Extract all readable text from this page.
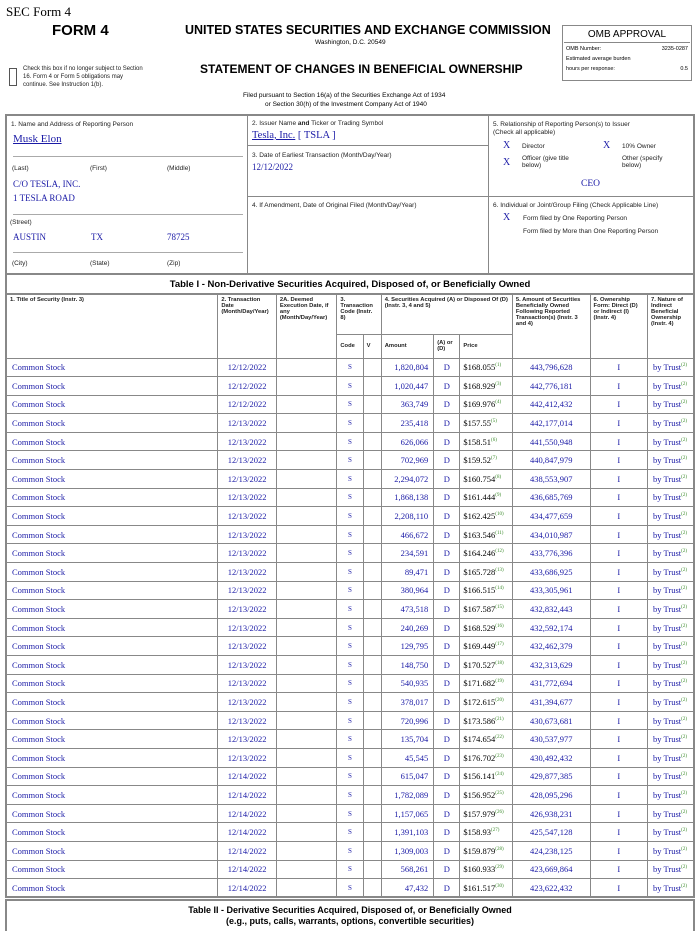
SEC Form 4
FORM 4
Check this box if no longer subject to Section 16. Form 4 or Form 5 obligations may continue. See Instruction 1(b).
UNITED STATES SECURITIES AND EXCHANGE COMMISSION
Washington, D.C. 20549
STATEMENT OF CHANGES IN BENEFICIAL OWNERSHIP
Filed pursuant to Section 16(a) of the Securities Exchange Act of 1934
or Section 30(h) of the Investment Company Act of 1940
OMB APPROVAL
OMB Number:	3235-0287
Estimated average burden
hours per response:	0.5
1. Name and Address of Reporting Person
Musk Elon
(Last)	(First)	(Middle)
C/O TESLA, INC.
1 TESLA ROAD
(Street)
AUSTIN	TX	78725
(City)	(State)	(Zip)
2. Issuer Name and Ticker or Trading Symbol
Tesla, Inc. [ TSLA ]
3. Date of Earliest Transaction (Month/Day/Year)
12/12/2022
4. If Amendment, Date of Original Filed (Month/Day/Year)
5. Relationship of Reporting Person(s) to Issuer
(Check all applicable)
X Director	X 10% Owner
X Officer (give title below)
Other (specify below)
CEO
6. Individual or Joint/Group Filing (Check Applicable Line)
X Form filed by One Reporting Person
Form filed by More than One Reporting Person
Table I - Non-Derivative Securities Acquired, Disposed of, or Beneficially Owned
1. Title of Security (Instr. 3)	2. Transaction Date (Month/Day/Year)	2A. Deemed Execution Date, if any (Month/Day/Year)	3. Transaction Code (Instr. 8)		4. Securities Acquired (A) or Disposed Of (D) (Instr. 3, 4 and 5)			5. Amount of Securities Beneficially Owned Following Reported Transaction(s) (Instr. 3 and 4)	6. Ownership Form: Direct (D) or Indirect (I) (Instr. 4)	7. Nature of Indirect Beneficial Ownership (Instr. 4)
			Code	V	Amount	(A) or (D)	Price			
Common Stock	12/12/2022		S		1,820,804	D	$168.055$^{(1)}$	443,796,628	I	by Trust$^{(2)}$
Common Stock	12/12/2022		S		1,020,447	D	$168.929$^{(3)}$	442,776,181	I	by Trust$^{(2)}$
Common Stock	12/12/2022		S		363,749	D	$169.976$^{(4)}$	442,412,432	I	by Trust$^{(2)}$
Common Stock	12/13/2022		S		235,418	D	$157.55$^{(5)}$	442,177,014	I	by Trust$^{(2)}$
Common Stock	12/13/2022		S		626,066	D	$158.51$^{(6)}$	441,550,948	I	by Trust$^{(2)}$
Common Stock	12/13/2022		S		702,969	D	$159.52$^{(7)}$	440,847,979	I	by Trust$^{(2)}$
Common Stock	12/13/2022		S		2,294,072	D	$160.754$^{(8)}$	438,553,907	I	by Trust$^{(2)}$
Common Stock	12/13/2022		S		1,868,138	D	$161.444$^{(9)}$	436,685,769	I	by Trust$^{(2)}$
Common Stock	12/13/2022		S		2,208,110	D	$162.425$^{(10)}$	434,477,659	I	by Trust$^{(2)}$
Common Stock	12/13/2022		S		466,672	D	$163.546$^{(11)}$	434,010,987	I	by Trust$^{(2)}$
Common Stock	12/13/2022		S		234,591	D	$164.246$^{(12)}$	433,776,396	I	by Trust$^{(2)}$
Common Stock	12/13/2022		S		89,471	D	$165.728$^{(13)}$	433,686,925	I	by Trust$^{(2)}$
Common Stock	12/13/2022		S		380,964	D	$166.515$^{(14)}$	433,305,961	I	by Trust$^{(2)}$
Common Stock	12/13/2022		S		473,518	D	$167.587$^{(15)}$	432,832,443	I	by Trust$^{(2)}$
Common Stock	12/13/2022		S		240,269	D	$168.529$^{(16)}$	432,592,174	I	by Trust$^{(2)}$
Common Stock	12/13/2022		S		129,795	D	$169.449$^{(17)}$	432,462,379	I	by Trust$^{(2)}$
Common Stock	12/13/2022		S		148,750	D	$170.527$^{(18)}$	432,313,629	I	by Trust$^{(2)}$
Common Stock	12/13/2022		S		540,935	D	$171.682$^{(19)}$	431,772,694	I	by Trust$^{(2)}$
Common Stock	12/13/2022		S		378,017	D	$172.615$^{(20)}$	431,394,677	I	by Trust$^{(2)}$
Common Stock	12/13/2022		S		720,996	D	$173.586$^{(21)}$	430,673,681	I	by Trust$^{(2)}$
Common Stock	12/13/2022		S		135,704	D	$174.654$^{(22)}$	430,537,977	I	by Trust$^{(2)}$
Common Stock	12/13/2022		S		45,545	D	$176.702$^{(23)}$	430,492,432	I	by Trust$^{(2)}$
Common Stock	12/14/2022		S		615,047	D	$156.141$^{(24)}$	429,877,385	I	by Trust$^{(2)}$
Common Stock	12/14/2022		S		1,782,089	D	$156.952$^{(25)}$	428,095,296	I	by Trust$^{(2)}$
Common Stock	12/14/2022		S		1,157,065	D	$157.979$^{(26)}$	426,938,231	I	by Trust$^{(2)}$
Common Stock	12/14/2022		S		1,391,103	D	$158.93$^{(27)}$	425,547,128	I	by Trust$^{(2)}$
Common Stock	12/14/2022		S		1,309,003	D	$159.879$^{(28)}$	424,238,125	I	by Trust$^{(2)}$
Common Stock	12/14/2022		S		568,261	D	$160.933$^{(29)}$	423,669,864	I	by Trust$^{(2)}$
Common Stock	12/14/2022		S		47,432	D	$161.517$^{(30)}$	423,622,432	I	by Trust$^{(2)}$
Table II - Derivative Securities Acquired, Disposed of, or Beneficially Owned
(e.g., puts, calls, warrants, options, convertible securities)
